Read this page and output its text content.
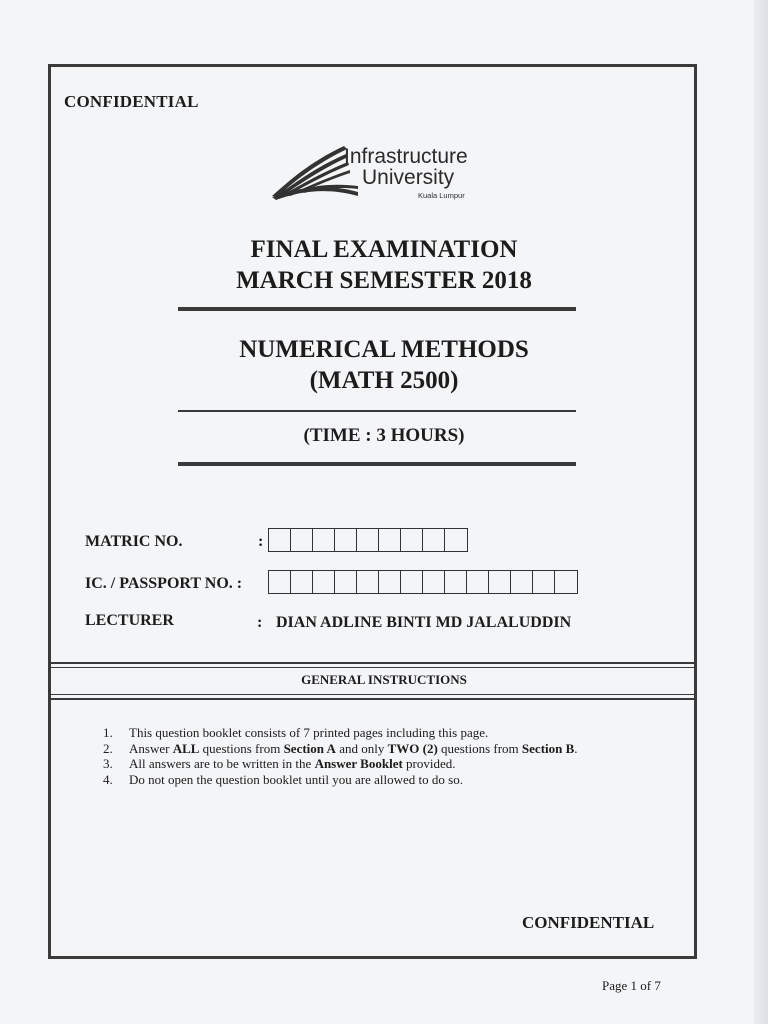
CONFIDENTIAL
Infrastructure
University
Kuala Lumpur
FINAL EXAMINATION
MARCH SEMESTER 2018
NUMERICAL METHODS
(MATH 2500)
(TIME : 3 HOURS)
MATRIC NO.	:
IC. / PASSPORT NO. :
LECTURER	: DIAN ADLINE BINTI MD JALALUDDIN
GENERAL INSTRUCTIONS
1.	This question booklet consists of 7 printed pages including this page.
2.	Answer ALL questions from Section A and only TWO (2) questions from Section B.
3.	All answers are to be written in the Answer Booklet provided.
4.	Do not open the question booklet until you are allowed to do so.
CONFIDENTIAL
Page 1 of 7
